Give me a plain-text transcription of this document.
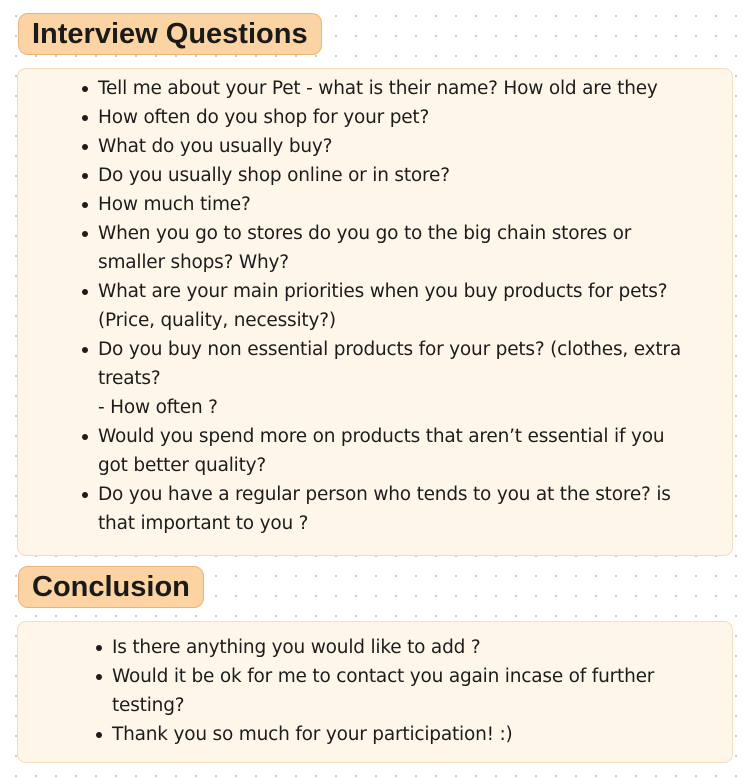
Interview Questions
Tell me about your Pet - what is their name? How old are they
How often do you shop for your pet?
What do you usually buy?
Do you usually shop online or in store?
How much time?
When you go to stores do you go to the big chain stores or
smaller shops? Why?
What are your main priorities when you buy products for pets?
(Price, quality, necessity?)
Do you buy non essential products for your pets? (clothes, extra
treats?
- How often ?
Would you spend more on products that aren’t essential if you
got better quality?
Do you have a regular person who tends to you at the store? is
that important to you ?
Conclusion
Is there anything you would like to add ?
Would it be ok for me to contact you again incase of further
testing?
Thank you so much for your participation! :)
